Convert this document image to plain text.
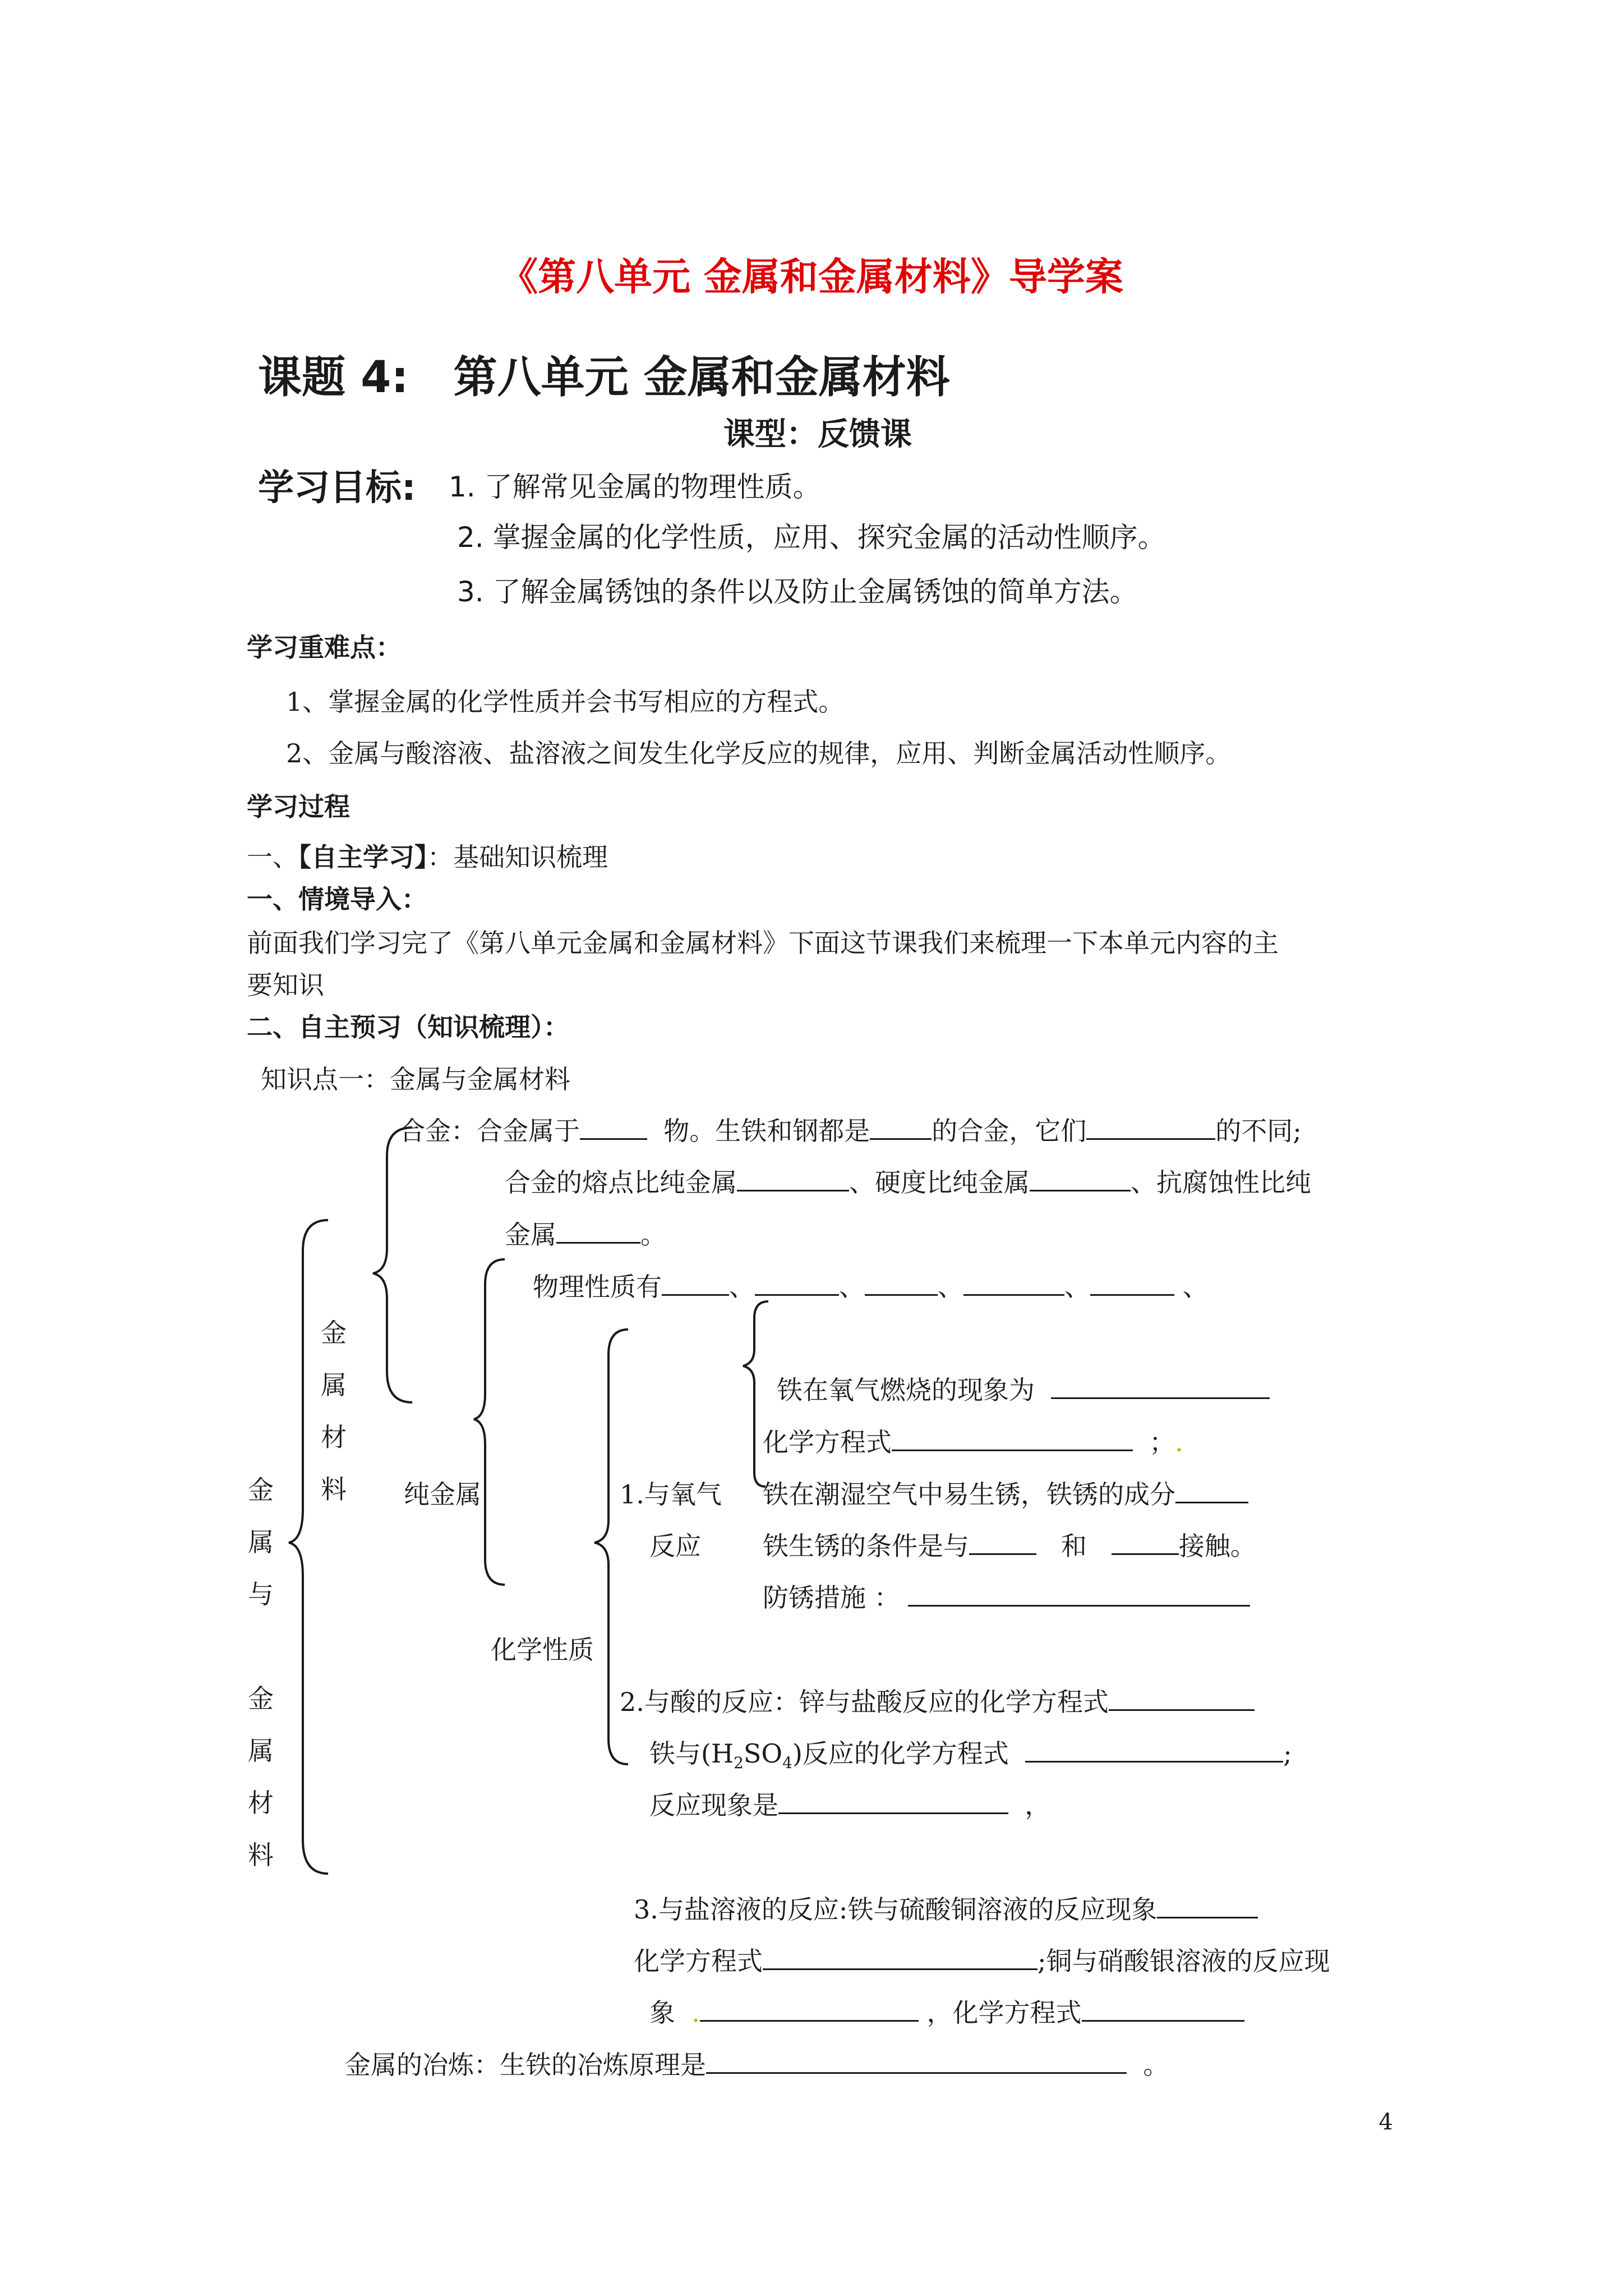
《第八单元 金属和金属材料》导学案
课题 4: 第八单元 金属和金属材料
课型：反馈课
学习目标: 1. 了解常见金属的物理性质。
2. 掌握金属的化学性质，应用、探究金属的活动性顺序。
3. 了解金属锈蚀的条件以及防止金属锈蚀的简单方法。
学习重难点：
1、掌握金属的化学性质并会书写相应的方程式。
2、金属与酸溶液、盐溶液之间发生化学反应的规律，应用、判断金属活动性顺序。
学习过程
一、【自主学习】：基础知识梳理
一、情境导入：
前面我们学习完了《第八单元金属和金属材料》下面这节课我们来梳理一下本单元内容的主
要知识
二、自主预习（知识梳理）：
知识点一：金属与金属材料
金
属
与

金
属
材
料
金
属
材
料 纯金属
合金：合金属于	物。生铁和钢都是 的合金，它们	的不同;
合金的熔点比纯金属	、硬度比纯金属	、抗腐蚀性比纯
金属	。
物理性质有	、	、	、	、	、
化学性质
1.与氧气
反应
铁在氧气燃烧的现象为
化学方程式	；.
铁在潮湿空气中易生锈，铁锈的成分
铁生锈的条件是与	和	接触。
防锈措施 ：
2.与酸的反应：锌与盐酸反应的化学方程式
铁与$(H_2SO_4)$反应的化学方程式	;
反应现象是	，
3.与盐溶液的反应:铁与硫酸铜溶液的反应现象
化学方程式	;铜与硝酸银溶液的反应现
象 .	，化学方程式
金属的冶炼：生铁的冶炼原理是	。
4
